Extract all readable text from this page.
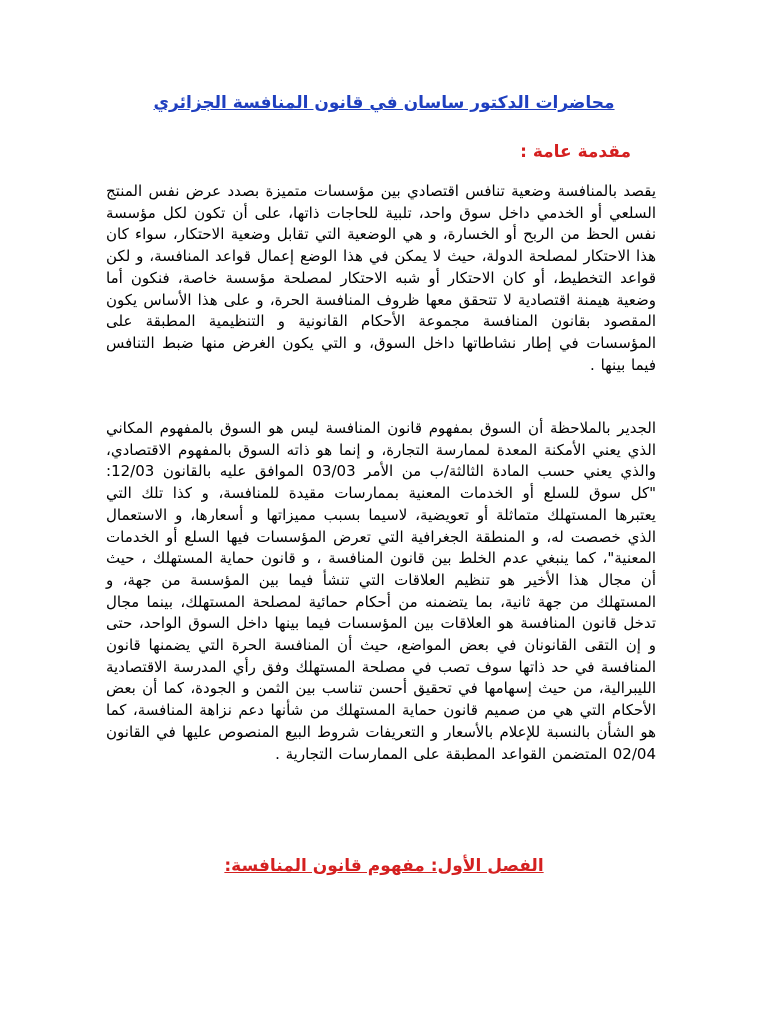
محاضرات الدكتور ساسان في قانون المنافسة الجزائري
مقدمة عامة :

يقصد بالمنافسة وضعية تنافس اقتصادي بين مؤسسات متميزة بصدد عرض نفس المنتج السلعي أو الخدمي داخل سوق واحد، تلبية للحاجات ذاتها، على أن تكون لكل مؤسسة نفس الحظ من الربح أو الخسارة، و هي الوضعية التي تقابل وضعية الاحتكار، سواء كان هذا الاحتكار لمصلحة الدولة، حيث لا يمكن في هذا الوضع إعمال قواعد المنافسة، و لكن قواعد التخطيط، أو كان الاحتكار أو شبه الاحتكار لمصلحة مؤسسة خاصة، فنكون أما وضعية هيمنة اقتصادية لا تتحقق معها ظروف المنافسة الحرة، و على هذا الأساس يكون المقصود بقانون المنافسة مجموعة الأحكام القانونية و التنظيمية المطبقة على المؤسسات في إطار نشاطاتها داخل السوق، و التي يكون الغرض منها ضبط التنافس فيما بينها .

الجدير بالملاحظة أن السوق بمفهوم قانون المنافسة ليس هو السوق بالمفهوم المكاني الذي يعني الأمكنة المعدة لممارسة التجارة، و إنما هو ذاته السوق بالمفهوم الاقتصادي، والذي يعني حسب المادة الثالثة/ب من الأمر 03/03 الموافق عليه بالقانون 12/03: "كل سوق للسلع أو الخدمات المعنية بممارسات مقيدة للمنافسة، و كذا تلك التي يعتبرها المستهلك متماثلة أو تعويضية، لاسيما بسبب مميزاتها و أسعارها، و الاستعمال الذي خصصت له، و المنطقة الجغرافية التي تعرض المؤسسات فيها السلع أو الخدمات المعنية"، كما ينبغي عدم الخلط بين قانون المنافسة ، و قانون حماية المستهلك ، حيث أن مجال هذا الأخير هو تنظيم العلاقات التي تنشأ فيما بين المؤسسة من جهة، و المستهلك من جهة ثانية، بما يتضمنه من أحكام حمائية لمصلحة المستهلك، بينما مجال تدخل قانون المنافسة هو العلاقات بين المؤسسات فيما بينها داخل السوق الواحد، حتى و إن التقى القانونان في بعض المواضع، حيث أن المنافسة الحرة التي يضمنها قانون المنافسة في حد ذاتها سوف تصب في مصلحة المستهلك وفق رأي المدرسة الاقتصادية الليبرالية، من حيث إسهامها في تحقيق أحسن تناسب بين الثمن و الجودة، كما أن بعض الأحكام التي هي من صميم قانون حماية المستهلك من شأنها دعم نزاهة المنافسة، كما هو الشأن بالنسبة للإعلام بالأسعار و التعريفات شروط البيع المنصوص عليها في القانون 02/04 المتضمن القواعد المطبقة على الممارسات التجارية .

الفصل الأول: مفهوم قانون المنافسة:
